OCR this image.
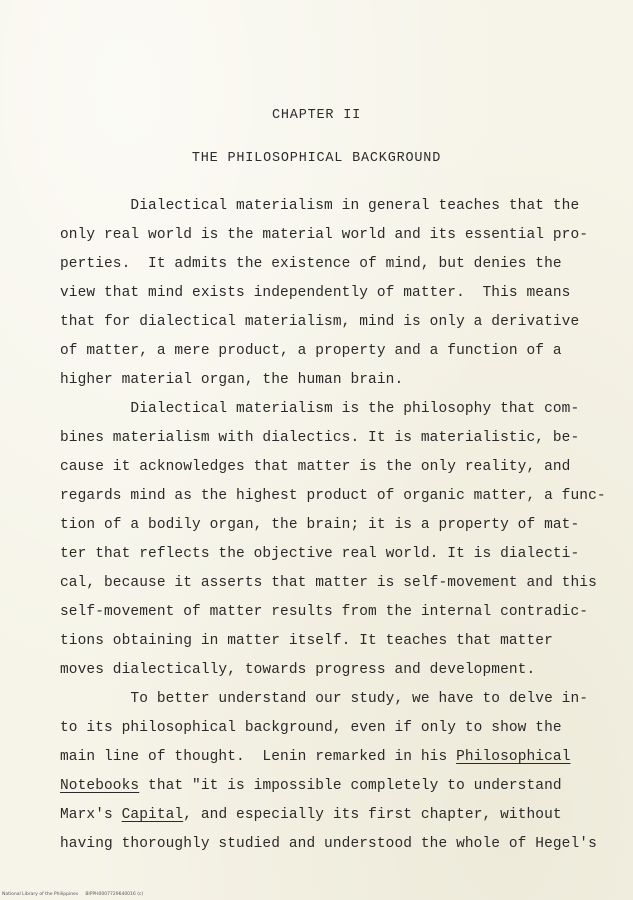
CHAPTER II
THE PHILOSOPHICAL BACKGROUND
Dialectical materialism in general teaches that the
only real world is the material world and its essential pro-
perties.  It admits the existence of mind, but denies the
view that mind exists independently of matter.  This means
that for dialectical materialism, mind is only a derivative
of matter, a mere product, a property and a function of a
higher material organ, the human brain.
Dialectical materialism is the philosophy that com-
bines materialism with dialectics. It is materialistic, be-
cause it acknowledges that matter is the only reality, and
regards mind as the highest product of organic matter, a func-
tion of a bodily organ, the brain; it is a property of mat-
ter that reflects the objective real world. It is dialecti-
cal, because it asserts that matter is self-movement and this
self-movement of matter results from the internal contradic-
tions obtaining in matter itself. It teaches that matter
moves dialectically, towards progress and development.
To better understand our study, we have to delve in-
to its philosophical background, even if only to show the
main line of thought.  Lenin remarked in his Philosophical
Notebooks that "it is impossible completely to understand
Marx's Capital, and especially its first chapter, without
having thoroughly studied and understood the whole of Hegel's
National Library of the Philippines     BIPPH0007729640016 (c)
